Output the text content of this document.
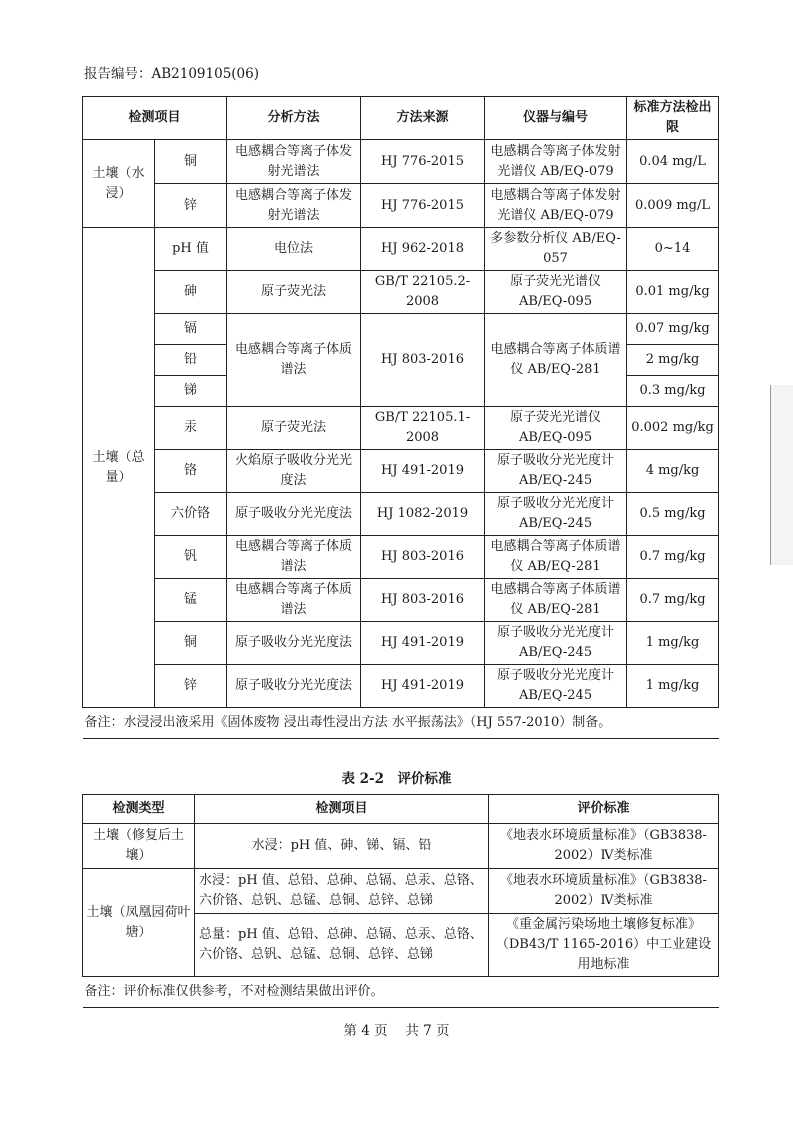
报告编号：AB2109105(06)
检测项目		分析方法	方法来源	仪器与编号	标准方法检出限
土壤（水浸）	铜	电感耦合等离子体发射光谱法	HJ 776-2015	电感耦合等离子体发射光谱仪 AB/EQ-079	0.04 mg/L
	锌	电感耦合等离子体发射光谱法	HJ 776-2015	电感耦合等离子体发射光谱仪 AB/EQ-079	0.009 mg/L
土壤（总量）	pH 值	电位法	HJ 962-2018	多参数分析仪 AB/EQ-057	0~14
	砷	原子荧光法	GB/T 22105.2-2008	原子荧光光谱仪 AB/EQ-095	0.01 mg/kg
	镉	电感耦合等离子体质谱法	HJ 803-2016	电感耦合等离子体质谱仪 AB/EQ-281	0.07 mg/kg
	铅				2 mg/kg
	锑				0.3 mg/kg
	汞	原子荧光法	GB/T 22105.1-2008	原子荧光光谱仪 AB/EQ-095	0.002 mg/kg
	铬	火焰原子吸收分光光度法	HJ 491-2019	原子吸收分光光度计 AB/EQ-245	4 mg/kg
	六价铬	原子吸收分光光度法	HJ 1082-2019	原子吸收分光光度计 AB/EQ-245	0.5 mg/kg
	钒	电感耦合等离子体质谱法	HJ 803-2016	电感耦合等离子体质谱仪 AB/EQ-281	0.7 mg/kg
	锰	电感耦合等离子体质谱法	HJ 803-2016	电感耦合等离子体质谱仪 AB/EQ-281	0.7 mg/kg
	铜	原子吸收分光光度法	HJ 491-2019	原子吸收分光光度计 AB/EQ-245	1 mg/kg
	锌	原子吸收分光光度法	HJ 491-2019	原子吸收分光光度计 AB/EQ-245	1 mg/kg
备注：水浸浸出液采用《固体废物 浸出毒性浸出方法 水平振荡法》（HJ 557-2010）制备。					
表 2-2　评价标准
检测类型	检测项目	评价标准
土壤（修复后土壤）	水浸：pH 值、砷、锑、镉、铅	《地表水环境质量标准》（GB3838-2002）Ⅳ类标准
土壤（凤凰园荷叶塘）	水浸：pH 值、总铅、总砷、总镉、总汞、总铬、六价铬、总钒、总锰、总铜、总锌、总锑	《地表水环境质量标准》（GB3838-2002）Ⅳ类标准
	总量：pH 值、总铅、总砷、总镉、总汞、总铬、六价铬、总钒、总锰、总铜、总锌、总锑	《重金属污染场地土壤修复标准》（DB43/T 1165-2016）中工业建设用地标准
备注：评价标准仅供参考，不对检测结果做出评价。		
第 4 页　 共 7 页
